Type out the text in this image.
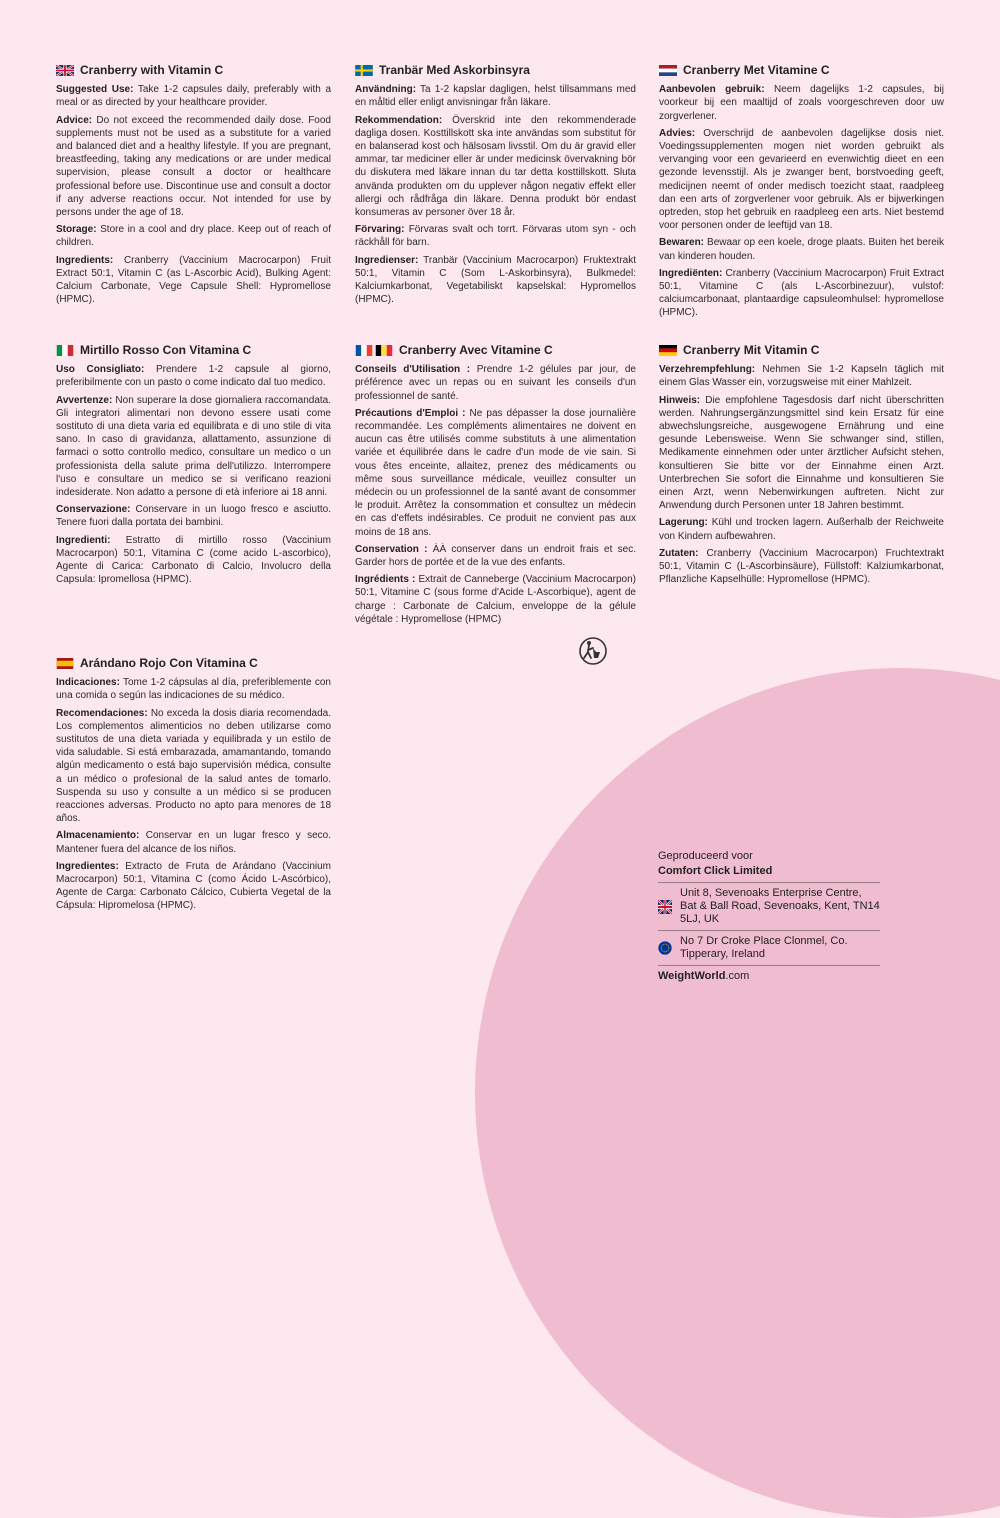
Cranberry with Vitamin C

Suggested Use: Take 1-2 capsules daily, preferably with a meal or as directed by your healthcare provider.

Advice: Do not exceed the recommended daily dose. Food supplements must not be used as a substitute for a varied and balanced diet and a healthy lifestyle. If you are pregnant, breastfeeding, taking any medications or are under medical supervision, please consult a doctor or healthcare professional before use. Discontinue use and consult a doctor if any adverse reactions occur. Not intended for use by persons under the age of 18.

Storage: Store in a cool and dry place. Keep out of reach of children.

Ingredients: Cranberry (Vaccinium Macrocarpon) Fruit Extract 50:1, Vitamin C (as L-Ascorbic Acid), Bulking Agent: Calcium Carbonate, Vege Capsule Shell: Hypromellose (HPMC).

Mirtillo Rosso Con Vitamina C

Uso Consigliato: Prendere 1-2 capsule al giorno, preferibilmente con un pasto o come indicato dal tuo medico.

Avvertenze: Non superare la dose giornaliera raccomandata. Gli integratori alimentari non devono essere usati come sostituto di una dieta varia ed equilibrata e di uno stile di vita sano. In caso di gravidanza, allattamento, assunzione di farmaci o sotto controllo medico, consultare un medico o un professionista della salute prima dell'utilizzo. Interrompere l'uso e consultare un medico se si verificano reazioni indesiderate. Non adatto a persone di età inferiore ai 18 anni.

Conservazione: Conservare in un luogo fresco e asciutto. Tenere fuori dalla portata dei bambini.

Ingredienti: Estratto di mirtillo rosso (Vaccinium Macrocarpon) 50:1, Vitamina C (come acido L-ascorbico), Agente di Carica: Carbonato di Calcio, Involucro della Capsula: Ipromellosa (HPMC).

Arándano Rojo Con Vitamina C

Indicaciones: Tome 1-2 cápsulas al día, preferiblemente con una comida o según las indicaciones de su médico.

Recomendaciones: No exceda la dosis diaria recomendada. Los complementos alimenticios no deben utilizarse como sustitutos de una dieta variada y equilibrada y un estilo de vida saludable. Si está embarazada, amamantando, tomando algún medicamento o está bajo supervisión médica, consulte a un médico o profesional de la salud antes de tomarlo. Suspenda su uso y consulte a un médico si se producen reacciones adversas. Producto no apto para menores de 18 años.

Almacenamiento: Conservar en un lugar fresco y seco. Mantener fuera del alcance de los niños.

Ingredientes: Extracto de Fruta de Arándano (Vaccinium Macrocarpon) 50:1, Vitamina C (como Ácido L-Ascórbico), Agente de Carga: Carbonato Cálcico, Cubierta Vegetal de la Cápsula: Hipromelosa (HPMC).

Tranbär Med Askorbinsyra

Användning: Ta 1-2 kapslar dagligen, helst tillsammans med en måltid eller enligt anvisningar från läkare.

Rekommendation: Överskrid inte den rekommenderade dagliga dosen. Kosttillskott ska inte användas som substitut för en balanserad kost och hälsosam livsstil. Om du är gravid eller ammar, tar mediciner eller är under medicinsk övervakning bör du diskutera med läkare innan du tar detta kosttillskott. Sluta använda produkten om du upplever någon negativ effekt eller allergi och rådfråga din läkare. Denna produkt bör endast konsumeras av personer över 18 år.

Förvaring: Förvaras svalt och torrt. Förvaras utom syn - och räckhåll för barn.

Ingredienser: Tranbär (Vaccinium Macrocarpon) Fruktextrakt 50:1, Vitamin C (Som L-Askorbinsyra), Bulkmedel: Kalciumkarbonat, Vegetabiliskt kapselskal: Hypromellos (HPMC).

Cranberry Avec Vitamine C

Conseils d'Utilisation : Prendre 1-2 gélules par jour, de préférence avec un repas ou en suivant les conseils d'un professionnel de santé.

Précautions d'Emploi : Ne pas dépasser la dose journalière recommandée. Les compléments alimentaires ne doivent en aucun cas être utilisés comme substituts à une alimentation variée et équilibrée dans le cadre d'un mode de vie sain. Si vous êtes enceinte, allaitez, prenez des médicaments ou même sous surveillance médicale, veuillez consulter un médecin ou un professionnel de la santé avant de consommer le produit. Arrêtez la consommation et consultez un médecin en cas d'effets indésirables. Ce produit ne convient pas aux moins de 18 ans.

Conservation : ÀÀ conserver dans un endroit frais et sec. Garder hors de portée et de la vue des enfants.

Ingrédients : Extrait de Canneberge (Vaccinium Macrocarpon) 50:1, Vitamine C (sous forme d'Acide L-Ascorbique), agent de charge : Carbonate de Calcium, enveloppe de la gélule végétale : Hypromellose (HPMC)

Cranberry Met Vitamine C

Aanbevolen gebruik: Neem dagelijks 1-2 capsules, bij voorkeur bij een maaltijd of zoals voorgeschreven door uw zorgverlener.

Advies: Overschrijd de aanbevolen dagelijkse dosis niet. Voedingssupplementen mogen niet worden gebruikt als vervanging voor een gevarieerd en evenwichtig dieet en een gezonde levensstijl. Als je zwanger bent, borstvoeding geeft, medicijnen neemt of onder medisch toezicht staat, raadpleeg dan een arts of zorgverlener voor gebruik. Als er bijwerkingen optreden, stop het gebruik en raadpleeg een arts. Niet bestemd voor personen onder de leeftijd van 18.

Bewaren: Bewaar op een koele, droge plaats. Buiten het bereik van kinderen houden.

Ingrediënten: Cranberry (Vaccinium Macrocarpon) Fruit Extract 50:1, Vitamine C (als L-Ascorbinezuur), vulstof: calciumcarbonaat, plantaardige capsuleomhulsel: hypromellose (HPMC).

Cranberry Mit Vitamin C

Verzehrempfehlung: Nehmen Sie 1-2 Kapseln täglich mit einem Glas Wasser ein, vorzugsweise mit einer Mahlzeit.

Hinweis: Die empfohlene Tagesdosis darf nicht überschritten werden. Nahrungsergänzungsmittel sind kein Ersatz für eine abwechslungsreiche, ausgewogene Ernährung und eine gesunde Lebensweise. Wenn Sie schwanger sind, stillen, Medikamente einnehmen oder unter ärztlicher Aufsicht stehen, konsultieren Sie bitte vor der Einnahme einen Arzt. Unterbrechen Sie sofort die Einnahme und konsultieren Sie einen Arzt, wenn Nebenwirkungen auftreten. Nicht zur Anwendung durch Personen unter 18 Jahren bestimmt.

Lagerung: Kühl und trocken lagern. Außerhalb der Reichweite von Kindern aufbewahren.

Zutaten: Cranberry (Vaccinium Macrocarpon) Fruchtextrakt 50:1, Vitamin C (L-Ascorbinsäure), Füllstoff: Kalziumkarbonat, Pflanzliche Kapselhülle: Hypromellose (HPMC).

Geproduceerd voor
Comfort Click Limited
Unit 8, Sevenoaks Enterprise Centre, Bat & Ball Road, Sevenoaks, Kent, TN14 5LJ, UK
No 7 Dr Croke Place Clonmel, Co. Tipperary, Ireland
WeightWorld.com
